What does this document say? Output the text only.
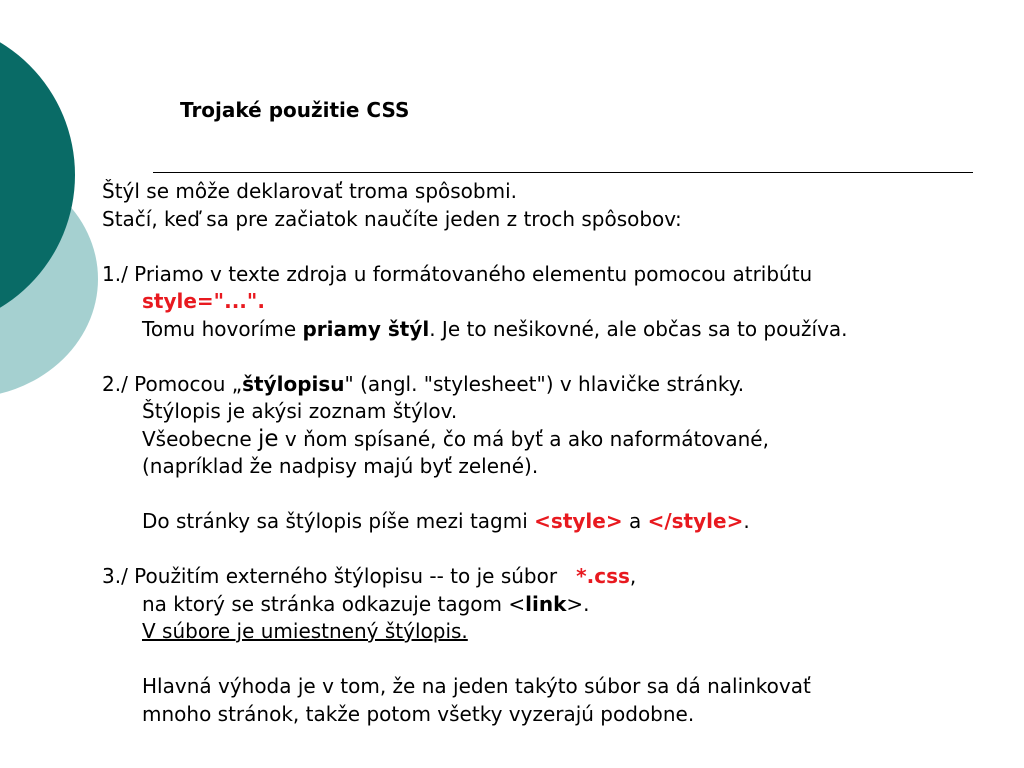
Trojaké použitie CSS
Štýl se môže deklarovať troma spôsobmi.
Stačí, keď sa pre začiatok naučíte jeden z troch spôsobov:
1./ Priamo v texte zdroja u formátovaného elementu pomocou atribútu
style="...".
Tomu hovoríme priamy štýl. Je to nešikovné, ale občas sa to používa.
2./ Pomocou „štýlopisu" (angl. "stylesheet") v hlavičke stránky.
Štýlopis je akýsi zoznam štýlov.
Všeobecne je v ňom spísané, čo má byť a ako naformátované,
(napríklad že nadpisy majú byť zelené).
Do stránky sa štýlopis píše mezi tagmi <style> a </style>.
3./ Použitím externého štýlopisu -- to je súbor   *.css,
na ktorý se stránka odkazuje tagom <link>.
V súbore je umiestnený štýlopis.
Hlavná výhoda je v tom, že na jeden takýto súbor sa dá nalinkovať
mnoho stránok, takže potom všetky vyzerajú podobne.
